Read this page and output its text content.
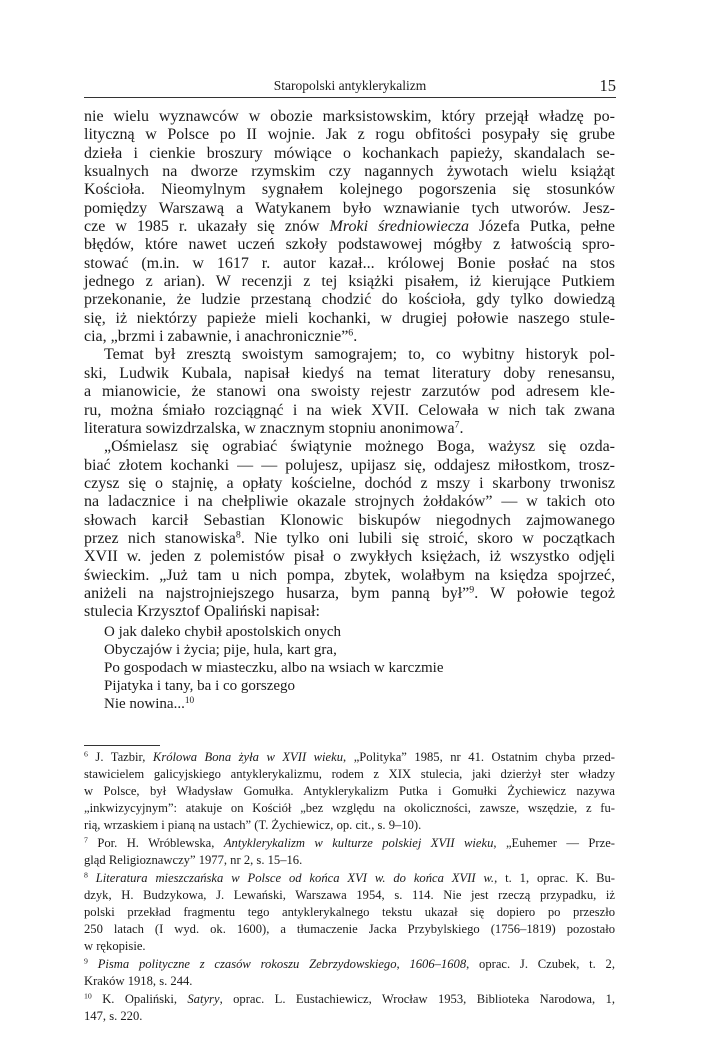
Staropolski antyklerykalizm	15
nie wielu wyznawców w obozie marksistowskim, który przejął władzę po-
lityczną w Polsce po II wojnie. Jak z rogu obfitości posypały się grube
dzieła i cienkie broszury mówiące o kochankach papieży, skandalach se-
ksualnych na dworze rzymskim czy nagannych żywotach wielu książąt
Kościoła. Nieomylnym sygnałem kolejnego pogorszenia się stosunków
pomiędzy Warszawą a Watykanem było wznawianie tych utworów. Jesz-
cze w 1985 r. ukazały się znów Mroki średniowiecza Józefa Putka, pełne
błędów, które nawet uczeń szkoły podstawowej mógłby z łatwością spro-
stować (m.in. w 1617 r. autor kazał... królowej Bonie posłać na stos
jednego z arian). W recenzji z tej książki pisałem, iż kierujące Putkiem
przekonanie, że ludzie przestaną chodzić do kościoła, gdy tylko dowiedzą
się, iż niektórzy papieże mieli kochanki, w drugiej połowie naszego stule-
cia, „brzmi i zabawnie, i anachronicznie”$^6$.
Temat był zresztą swoistym samograjem; to, co wybitny historyk pol-
ski, Ludwik Kubala, napisał kiedyś na temat literatury doby renesansu,
a mianowicie, że stanowi ona swoisty rejestr zarzutów pod adresem kle-
ru, można śmiało rozciągnąć i na wiek XVII. Celowała w nich tak zwana
literatura sowizdrzalska, w znacznym stopniu anonimowa$^7$.
„Ośmielasz się ograbiać świątynie możnego Boga, ważysz się ozda-
biać złotem kochanki — — polujesz, upijasz się, oddajesz miłostkom, trosz-
czysz się o stajnię, a opłaty kościelne, dochód z mszy i skarbony trwonisz
na ladacznice i na chełpliwie okazale strojnych żołdaków” — w takich oto
słowach karcił Sebastian Klonowic biskupów niegodnych zajmowanego
przez nich stanowiska$^8$. Nie tylko oni lubili się stroić, skoro w początkach
XVII w. jeden z polemistów pisał o zwykłych księżach, iż wszystko odjęli
świeckim. „Już tam u nich pompa, zbytek, wolałbym na księdza spojrzeć,
aniżeli na najstrojniejszego husarza, bym panną był”$^9$. W połowie tegoż
stulecia Krzysztof Opaliński napisał:
O jak daleko chybił apostolskich onych
Obyczajów i życia; pije, hula, kart gra,
Po gospodach w miasteczku, albo na wsiach w karczmie
Pijatyka i tany, ba i co gorszego
Nie nowina...$^{10}$
$^6$ J. Tazbir, Królowa Bona żyła w XVII wieku, „Polityka” 1985, nr 41. Ostatnim chyba przed-
stawicielem galicyjskiego antyklerykalizmu, rodem z XIX stulecia, jaki dzierżył ster władzy
w Polsce, był Władysław Gomułka. Antyklerykalizm Putka i Gomułki Żychiewicz nazywa
„inkwizycyjnym”: atakuje on Kościół „bez względu na okoliczności, zawsze, wszędzie, z fu-
rią, wrzaskiem i pianą na ustach” (T. Żychiewicz, op. cit., s. 9–10).
$^7$ Por. H. Wróblewska, Antyklerykalizm w kulturze polskiej XVII wieku, „Euhemer — Prze-
gląd Religioznawczy” 1977, nr 2, s. 15–16.
$^8$ Literatura mieszczańska w Polsce od końca XVI w. do końca XVII w., t. 1, oprac. K. Bu-
dzyk, H. Budzykowa, J. Lewański, Warszawa 1954, s. 114. Nie jest rzeczą przypadku, iż
polski przekład fragmentu tego antyklerykalnego tekstu ukazał się dopiero po przeszło
250 latach (I wyd. ok. 1600), a tłumaczenie Jacka Przybylskiego (1756–1819) pozostało
w rękopisie.
$^9$ Pisma polityczne z czasów rokoszu Zebrzydowskiego, 1606–1608, oprac. J. Czubek, t. 2,
Kraków 1918, s. 244.
$^{10}$ K. Opaliński, Satyry, oprac. L. Eustachiewicz, Wrocław 1953, Biblioteka Narodowa, 1,
147, s. 220.
